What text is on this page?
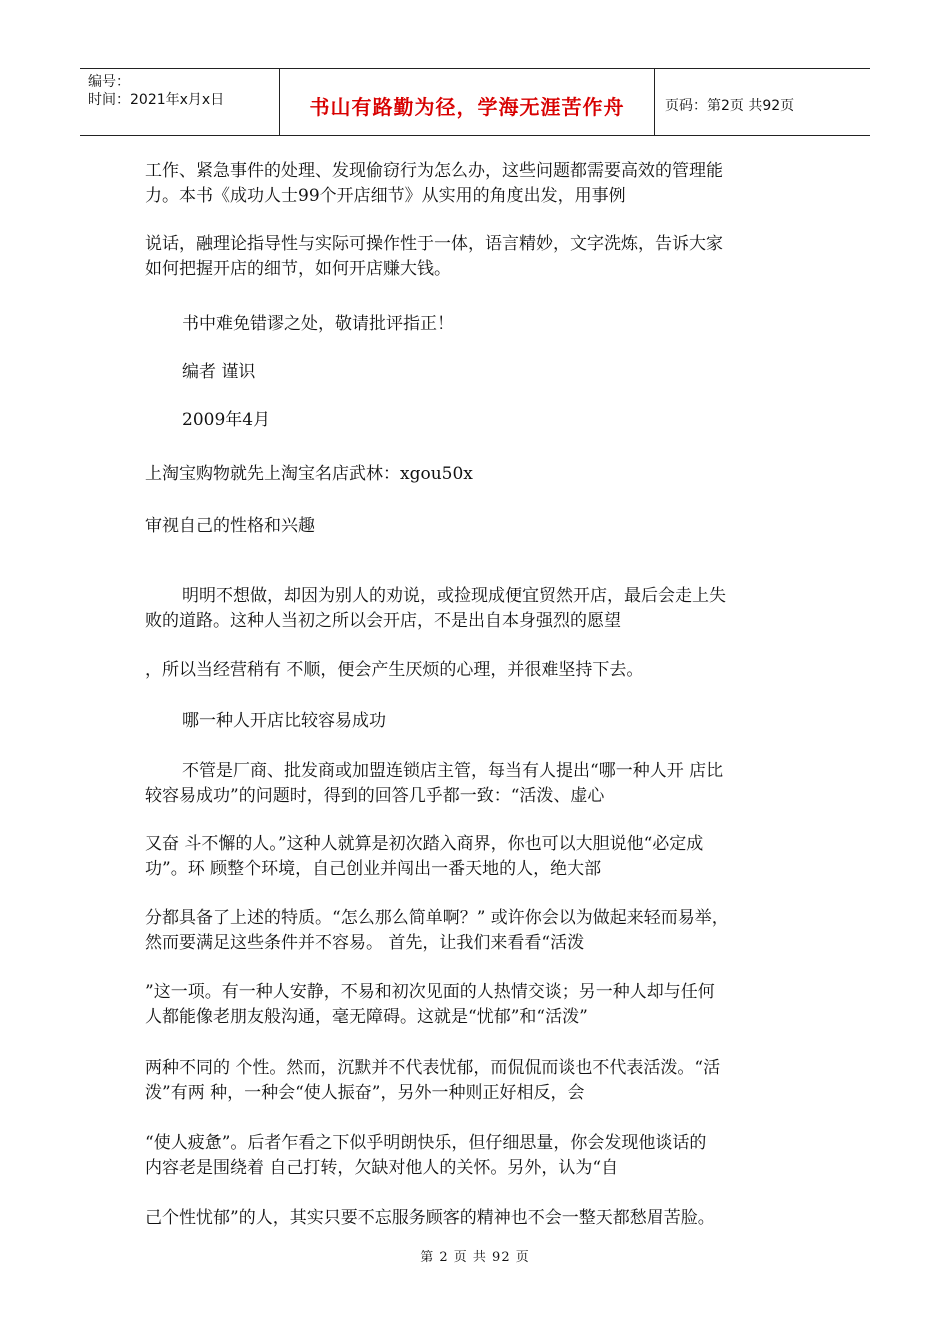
编号：
时间：2021年x月x日	书山有路勤为径，学海无涯苦作舟	页码：第2页 共92页
工作、紧急事件的处理、发现偷窃行为怎么办，这些问题都需要高效的管理能
力。本书《成功人士99个开店细节》从实用的角度出发，用事例
说话，融理论指导性与实际可操作性于一体，语言精妙，文字洗炼，告诉大家
如何把握开店的细节，如何开店赚大钱。
书中难免错谬之处，敬请批评指正！
编者 谨识
2009年4月
上淘宝购物就先上淘宝名店武林：xgou50x
审视自己的性格和兴趣
明明不想做，却因为别人的劝说，或捡现成便宜贸然开店，最后会走上失
败的道路。这种人当初之所以会开店，不是出自本身强烈的愿望
，所以当经营稍有 不顺，便会产生厌烦的心理，并很难坚持下去。
哪一种人开店比较容易成功
不管是厂商、批发商或加盟连锁店主管，每当有人提出“哪一种人开 店比
较容易成功”的问题时，得到的回答几乎都一致：“活泼、虚心
又奋 斗不懈的人。”这种人就算是初次踏入商界，你也可以大胆说他“必定成
功”。环 顾整个环境，自己创业并闯出一番天地的人，绝大部
分都具备了上述的特质。“怎么那么简单啊？” 或许你会以为做起来轻而易举，
然而要满足这些条件并不容易。 首先，让我们来看看“活泼
”这一项。有一种人安静，不易和初次见面的人热情交谈；另一种人却与任何
人都能像老朋友般沟通，毫无障碍。这就是“忧郁”和“活泼”
两种不同的 个性。然而，沉默并不代表忧郁，而侃侃而谈也不代表活泼。“活
泼”有两 种，一种会“使人振奋”，另外一种则正好相反，会
“使人疲惫”。后者乍看之下似乎明朗快乐，但仔细思量，你会发现他谈话的
内容老是围绕着 自己打转，欠缺对他人的关怀。另外，认为“自
己个性忧郁”的人，其实只要不忘服务顾客的精神也不会一整天都愁眉苦脸。
第 2 页 共 92 页
